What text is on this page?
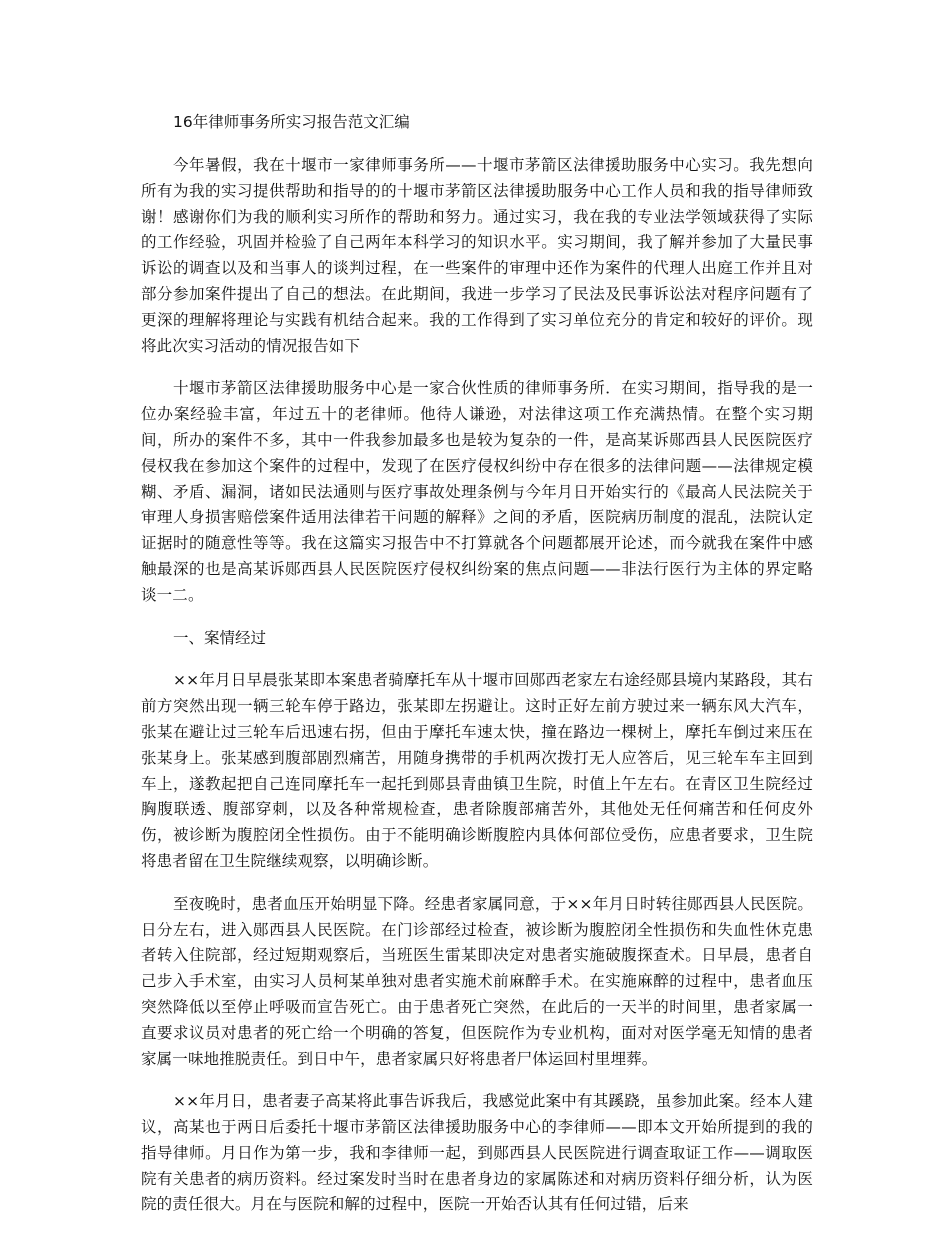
16年律师事务所实习报告范文汇编

今年暑假，我在十堰市一家律师事务所——十堰市茅箭区法律援助服务中心实习。我先想向所有为我的实习提供帮助和指导的的十堰市茅箭区法律援助服务中心工作人员和我的指导律师致谢！感谢你们为我的顺利实习所作的帮助和努力。通过实习，我在我的专业法学领域获得了实际的工作经验，巩固并检验了自己两年本科学习的知识水平。实习期间，我了解并参加了大量民事诉讼的调查以及和当事人的谈判过程，在一些案件的审理中还作为案件的代理人出庭工作并且对部分参加案件提出了自己的想法。在此期间，我进一步学习了民法及民事诉讼法对程序问题有了更深的理解将理论与实践有机结合起来。我的工作得到了实习单位充分的肯定和较好的评价。现将此次实习活动的情况报告如下

十堰市茅箭区法律援助服务中心是一家合伙性质的律师事务所．在实习期间，指导我的是一位办案经验丰富，年过五十的老律师。他待人谦逊，对法律这项工作充满热情。在整个实习期间，所办的案件不多，其中一件我参加最多也是较为复杂的一件，是高某诉郧西县人民医院医疗侵权我在参加这个案件的过程中，发现了在医疗侵权纠纷中存在很多的法律问题——法律规定模糊、矛盾、漏洞，诸如民法通则与医疗事故处理条例与今年月日开始实行的《最高人民法院关于审理人身损害赔偿案件适用法律若干问题的解释》之间的矛盾，医院病历制度的混乱，法院认定证据时的随意性等等。我在这篇实习报告中不打算就各个问题都展开论述，而今就我在案件中感触最深的也是高某诉郧西县人民医院医疗侵权纠纷案的焦点问题——非法行医行为主体的界定略谈一二。

一、案情经过

××年月日早晨张某即本案患者骑摩托车从十堰市回郧西老家左右途经郧县境内某路段，其右前方突然出现一辆三轮车停于路边，张某即左拐避让。这时正好左前方驶过来一辆东风大汽车，张某在避让过三轮车后迅速右拐，但由于摩托车速太快，撞在路边一棵树上，摩托车倒过来压在张某身上。张某感到腹部剧烈痛苦，用随身携带的手机两次拨打无人应答后，见三轮车车主回到车上，遂教起把自己连同摩托车一起托到郧县青曲镇卫生院，时值上午左右。在青区卫生院经过胸腹联透、腹部穿刺，以及各种常规检查，患者除腹部痛苦外，其他处无任何痛苦和任何皮外伤，被诊断为腹腔闭全性损伤。由于不能明确诊断腹腔内具体何部位受伤，应患者要求，卫生院将患者留在卫生院继续观察，以明确诊断。

至夜晚时，患者血压开始明显下降。经患者家属同意，于××年月日时转往郧西县人民医院。日分左右，进入郧西县人民医院。在门诊部经过检查，被诊断为腹腔闭全性损伤和失血性休克患者转入住院部，经过短期观察后，当班医生雷某即决定对患者实施破腹探查术。日早晨，患者自己步入手术室，由实习人员柯某单独对患者实施术前麻醉手术。在实施麻醉的过程中，患者血压突然降低以至停止呼吸而宣告死亡。由于患者死亡突然，在此后的一天半的时间里，患者家属一直要求议员对患者的死亡给一个明确的答复，但医院作为专业机构，面对对医学毫无知情的患者家属一味地推脱责任。到日中午，患者家属只好将患者尸体运回村里埋葬。

××年月日，患者妻子高某将此事告诉我后，我感觉此案中有其蹊跷，虽参加此案。经本人建议，高某也于两日后委托十堰市茅箭区法律援助服务中心的李律师——即本文开始所提到的我的指导律师。月日作为第一步，我和李律师一起，到郧西县人民医院进行调查取证工作——调取医院有关患者的病历资料。经过案发时当时在患者身边的家属陈述和对病历资料仔细分析，认为医院的责任很大。月在与医院和解的过程中，医院一开始否认其有任何过错，后来
